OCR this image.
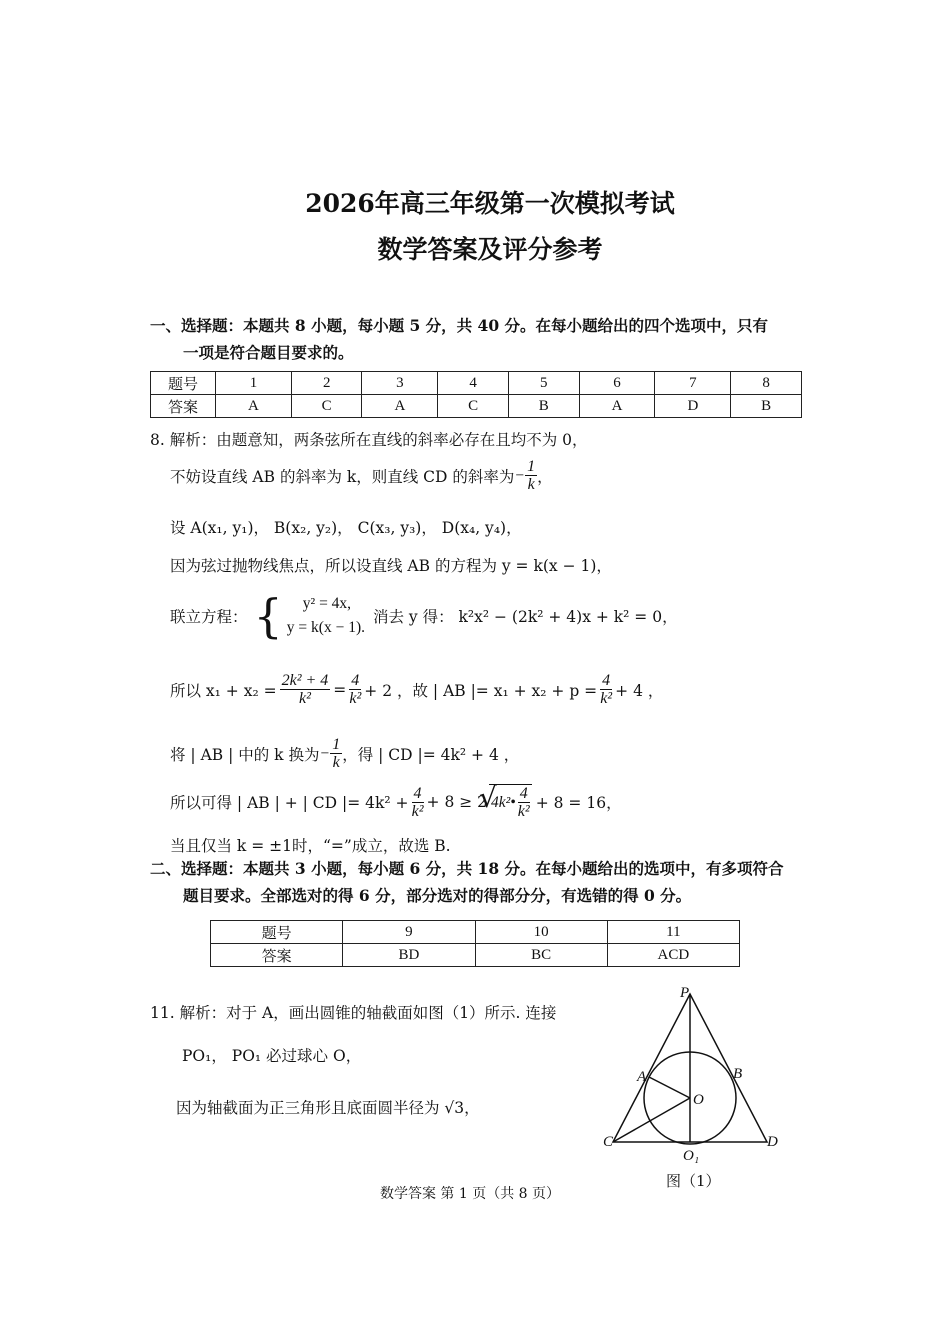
2026年高三年级第一次模拟考试
数学答案及评分参考
一、选择题：本题共 8 小题，每小题 5 分，共 40 分。在每小题给出的四个选项中，只有
一项是符合题目要求的。
题号	1	2	3	4	5	6	7	8
答案	A	C	A	C	B	A	D	B
8. 解析：由题意知，两条弦所在直线的斜率必存在且均不为 0，
不妨设直线 AB 的斜率为 k，则直线 CD 的斜率为 − $\frac{1}{k}$ ，
设 A(x₁, y₁)， B(x₂, y₂)， C(x₃, y₃)， D(x₄, y₄)，
因为弦过抛物线焦点，所以设直线 AB 的方程为 y = k(x − 1)，
联立方程： {	y² = 4x,
y = k(x − 1).
消去 y 得： k²x² − (2k² + 4)x + k² = 0，
所以 $x_1 + x_2 = \frac{\text{2k² + 4}}{\text{k²}} = \frac{4}{\text{k²}} + 2$ ，故 | AB |= $x_1 + x_2 + p = \frac{4}{\text{k²}} + 4$ ，
将 | AB | 中的 k 换为 − $\frac{1}{k}$ ，得 | CD |= 4k² + 4 ，
所以可得 | AB | + | CD |= $4k^2 + \frac{4}{\text{k²}} + 8 \ge 2$
√
4k²• $\frac{4}{\text{k²}} + 8 = 16$，
当且仅当 k = ±1时，“=”成立，故选 B.
二、选择题：本题共 3 小题，每小题 6 分，共 18 分。在每小题给出的选项中，有多项符合
题目要求。全部选对的得 6 分，部分选对的得部分分，有选错的得 0 分。
题号	9	10	11
答案	BD	BC	ACD
11. 解析：对于 A，画出圆锥的轴截面如图（1）所示. 连接
PO₁， PO₁ 必过球心 O，
因为轴截面为正三角形且底面圆半径为 √3，
P
A	B
O
C	D
O₁
图（1）
数学答案 第 1 页（共 8 页）
